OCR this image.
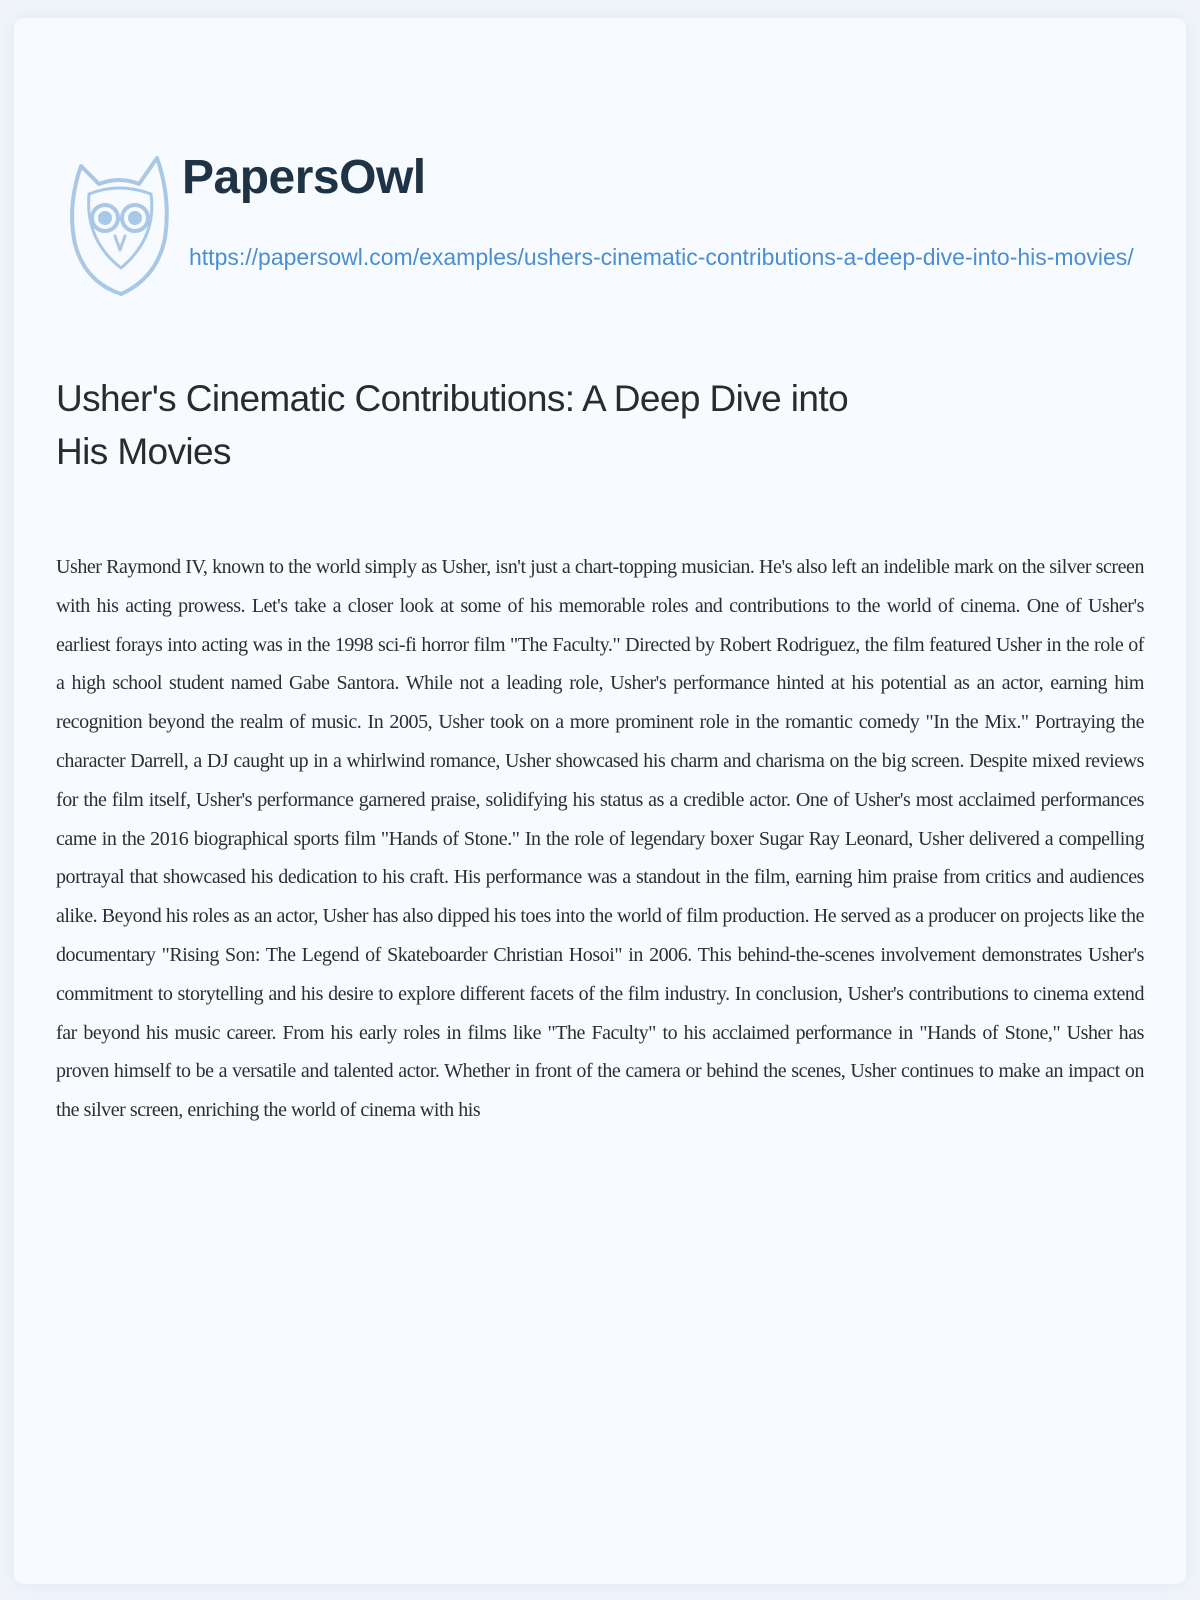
PapersOwl
https://papersowl.com/examples/ushers-cinematic-contributions-a-deep-dive-into-his-movies/
Usher's Cinematic Contributions: A Deep Dive into His Movies

Usher Raymond IV, known to the world simply as Usher, isn't just a chart-topping musician. He's also left an indelible mark on the silver screen with his acting prowess. Let's take a closer look at some of his memorable roles and contributions to the world of cinema. One of Usher's earliest forays into acting was in the 1998 sci-fi horror film "The Faculty." Directed by Robert Rodriguez, the film featured Usher in the role of a high school student named Gabe Santora. While not a leading role, Usher's performance hinted at his potential as an actor, earning him recognition beyond the realm of music. In 2005, Usher took on a more prominent role in the romantic comedy "In the Mix." Portraying the character Darrell, a DJ caught up in a whirlwind romance, Usher showcased his charm and charisma on the big screen. Despite mixed reviews for the film itself, Usher's performance garnered praise, solidifying his status as a credible actor. One of Usher's most acclaimed performances came in the 2016 biographical sports film "Hands of Stone." In the role of legendary boxer Sugar Ray Leonard, Usher delivered a compelling portrayal that showcased his dedication to his craft. His performance was a standout in the film, earning him praise from critics and audiences alike. Beyond his roles as an actor, Usher has also dipped his toes into the world of film production. He served as a producer on projects like the documentary "Rising Son: The Legend of Skateboarder Christian Hosoi" in 2006. This behind-the-scenes involvement demonstrates Usher's commitment to storytelling and his desire to explore different facets of the film industry. In conclusion, Usher's contributions to cinema extend far beyond his music career. From his early roles in films like "The Faculty" to his acclaimed performance in "Hands of Stone," Usher has proven himself to be a versatile and talented actor. Whether in front of the camera or behind the scenes, Usher continues to make an impact on the silver screen, enriching the world of cinema with his
